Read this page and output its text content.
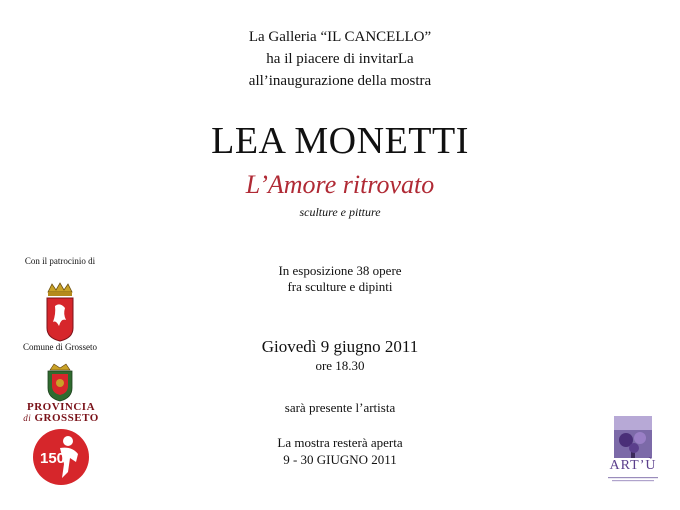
La Galleria “IL CANCELLO”
ha il piacere di invitarLa
all’inaugurazione della mostra
LEA MONETTI
L’Amore ritrovato
sculture e pitture
In esposizione 38 opere
fra sculture e dipinti
Giovedì 9 giugno 2011
ore 18.30
sarà presente l’artista
La mostra resterà aperta
9 - 30 GIUGNO 2011
Con il patrocinio di
Comune di Grosseto
PROVINCIA
di GROSSETO
150	ART’Ù
